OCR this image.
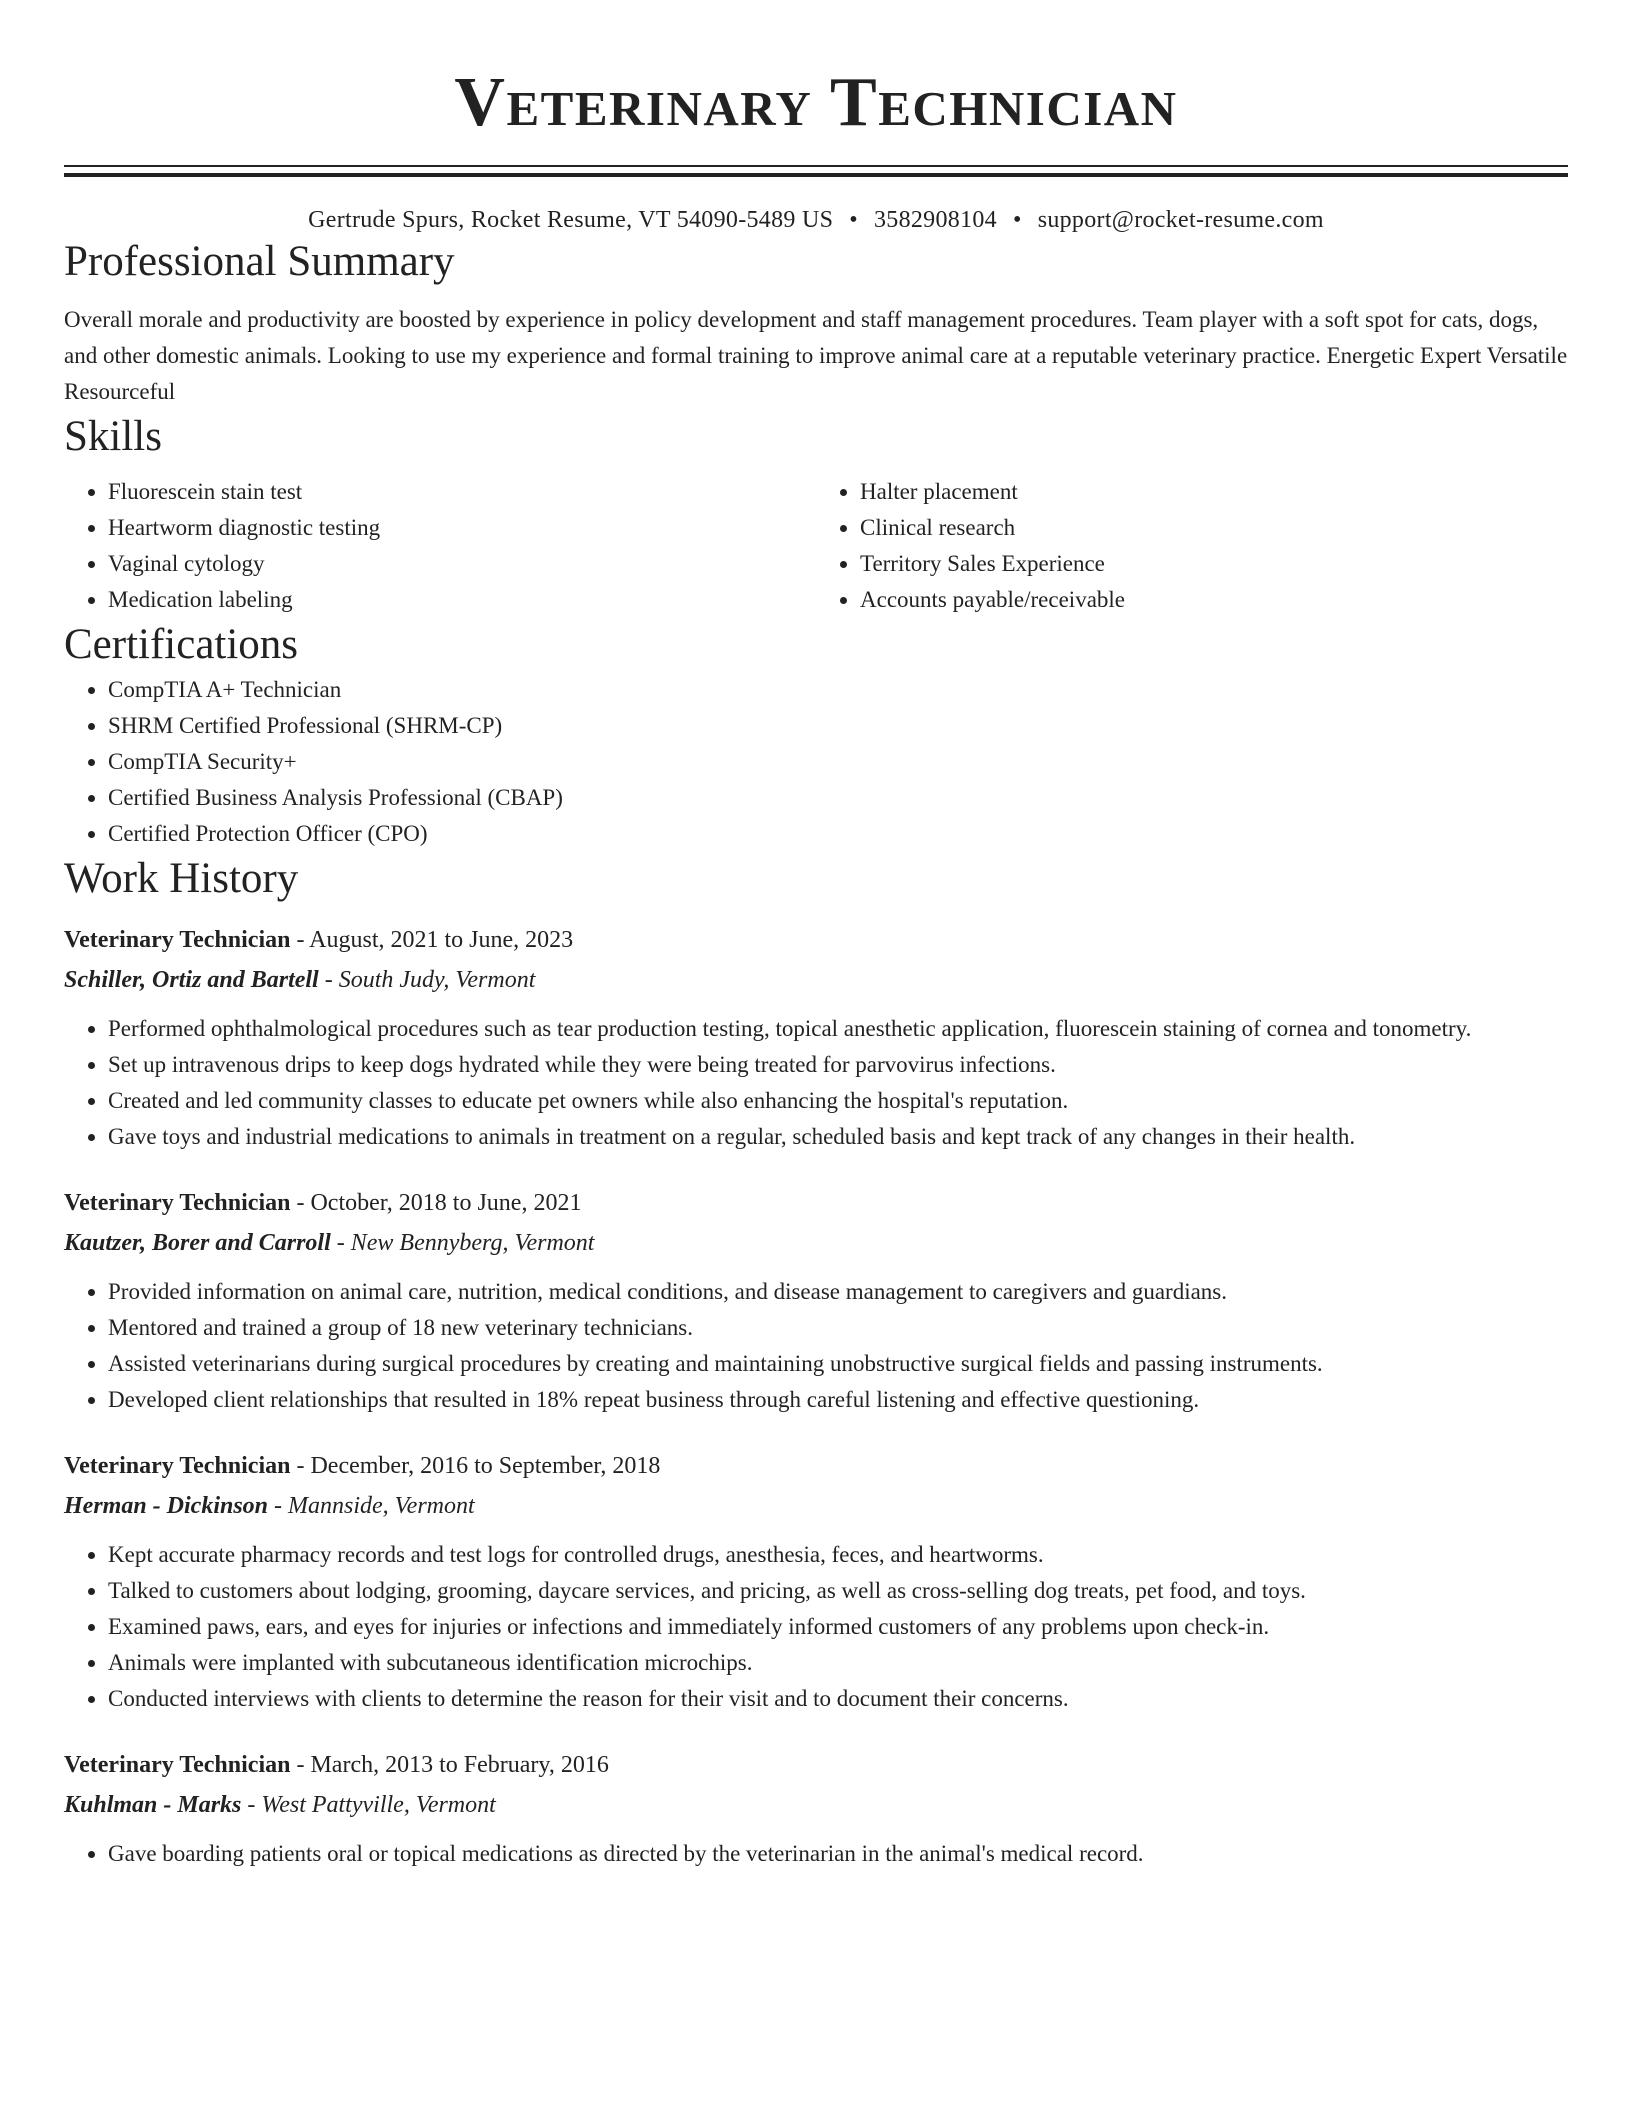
Veterinary Technician
Gertrude Spurs, Rocket Resume, VT 54090-5489 US • 3582908104 • support@rocket-resume.com
Professional Summary

Overall morale and productivity are boosted by experience in policy development and staff management procedures. Team player with a soft spot for cats, dogs, and other domestic animals. Looking to use my experience and formal training to improve animal care at a reputable veterinary practice. Energetic Expert Versatile Resourceful

Skills
• Fluorescein stain test
• Heartworm diagnostic testing
• Vaginal cytology
• Medication labeling
• Halter placement
• Clinical research
• Territory Sales Experience
• Accounts payable/receivable
Certifications
• CompTIA A+ Technician
• SHRM Certified Professional (SHRM-CP)
• CompTIA Security+
• Certified Business Analysis Professional (CBAP)
• Certified Protection Officer (CPO)
Work History
Veterinary Technician - August, 2021 to June, 2023
Schiller, Ortiz and Bartell - South Judy, Vermont
• Performed ophthalmological procedures such as tear production testing, topical anesthetic application, fluorescein staining of cornea and tonometry.
• Set up intravenous drips to keep dogs hydrated while they were being treated for parvovirus infections.
• Created and led community classes to educate pet owners while also enhancing the hospital's reputation.
• Gave toys and industrial medications to animals in treatment on a regular, scheduled basis and kept track of any changes in their health.
Veterinary Technician - October, 2018 to June, 2021
Kautzer, Borer and Carroll - New Bennyberg, Vermont
• Provided information on animal care, nutrition, medical conditions, and disease management to caregivers and guardians.
• Mentored and trained a group of 18 new veterinary technicians.
• Assisted veterinarians during surgical procedures by creating and maintaining unobstructive surgical fields and passing instruments.
• Developed client relationships that resulted in 18% repeat business through careful listening and effective questioning.
Veterinary Technician - December, 2016 to September, 2018
Herman - Dickinson - Mannside, Vermont
• Kept accurate pharmacy records and test logs for controlled drugs, anesthesia, feces, and heartworms.
• Talked to customers about lodging, grooming, daycare services, and pricing, as well as cross-selling dog treats, pet food, and toys.
• Examined paws, ears, and eyes for injuries or infections and immediately informed customers of any problems upon check-in.
• Animals were implanted with subcutaneous identification microchips.
• Conducted interviews with clients to determine the reason for their visit and to document their concerns.
Veterinary Technician - March, 2013 to February, 2016
Kuhlman - Marks - West Pattyville, Vermont
• Gave boarding patients oral or topical medications as directed by the veterinarian in the animal's medical record.
